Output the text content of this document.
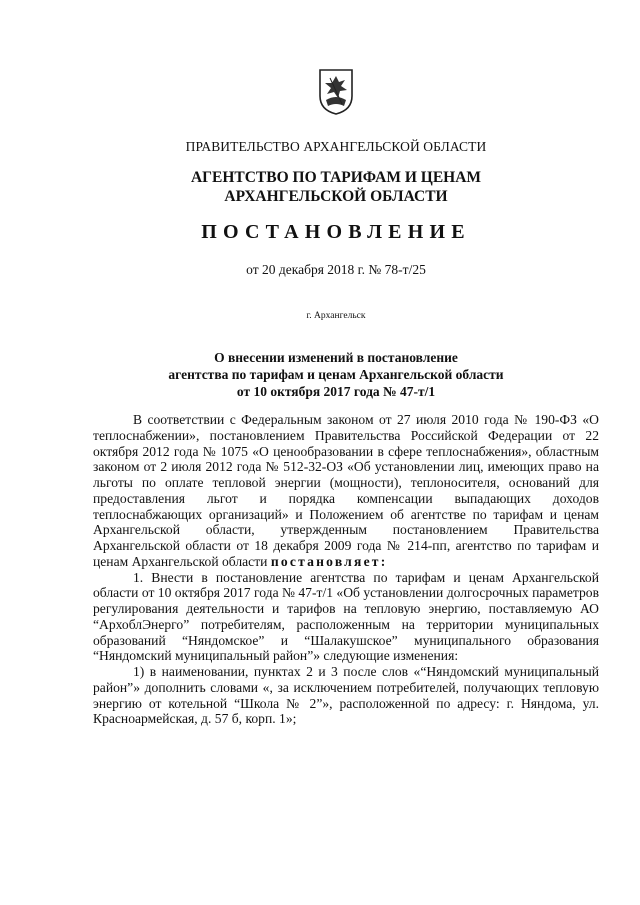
ПРАВИТЕЛЬСТВО АРХАНГЕЛЬСКОЙ ОБЛАСТИ
АГЕНТСТВО ПО ТАРИФАМ И ЦЕНАМ
АРХАНГЕЛЬСКОЙ ОБЛАСТИ
ПОСТАНОВЛЕНИЕ
от 20 декабря 2018 г. № 78-т/25
г. Архангельск
О внесении изменений в постановление
агентства по тарифам и ценам Архангельской области
от 10 октября 2017 года № 47-т/1

В соответствии с Федеральным законом от 27 июля 2010 года № 190-ФЗ «О теплоснабжении», постановлением Правительства Российской Федерации от 22 октября 2012 года № 1075 «О ценообразовании в сфере теплоснабжения», областным законом от 2 июля 2012 года № 512-32-ОЗ «Об установлении лиц, имеющих право на льготы по оплате тепловой энергии (мощности), теплоносителя, оснований для предоставления льгот и порядка компенсации выпадающих доходов теплоснабжающих организаций» и Положением об агентстве по тарифам и ценам Архангельской области, утвержденным постановлением Правительства Архангельской области от 18 декабря 2009 года № 214-пп, агентство по тарифам и ценам Архангельской области постановляет:

1. Внести в постановление агентства по тарифам и ценам Архангельской области от 10 октября 2017 года № 47-т/1 «Об установлении долгосрочных параметров регулирования деятельности и тарифов на тепловую энергию, поставляемую АО “АрхоблЭнерго” потребителям, расположенным на территории муниципальных образований “Няндомское” и “Шалакушское” муниципального образования “Няндомский муниципальный район”» следующие изменения:

1) в наименовании, пунктах 2 и 3 после слов «“Няндомский муниципальный район”» дополнить словами «, за исключением потребителей, получающих тепловую энергию от котельной “Школа № 2”», расположенной по адресу: г. Няндома, ул. Красноармейская, д. 57 б, корп. 1»;
